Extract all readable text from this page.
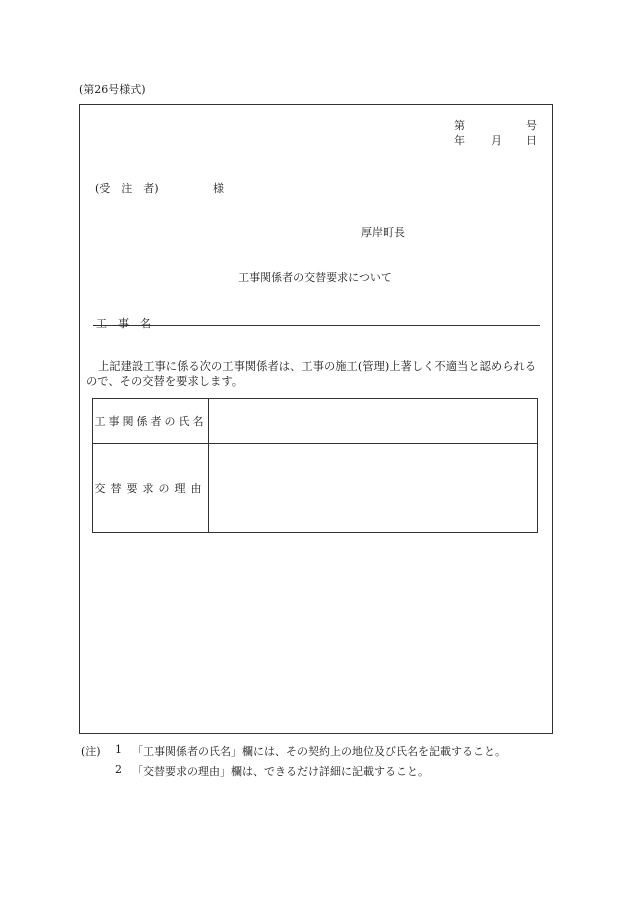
(第26号様式)
第	号
年 月 日
(受　注　者)	様
厚岸町長
工事関係者の交替要求について
工　事　名
上記建設工事に係る次の工事関係者は、工事の施工(管理)上著しく不適当と認められるので、その交替を要求します。
工事関係者の氏名	
交替要求の理由	
(注) 1 「工事関係者の氏名」欄には、その契約上の地位及び氏名を記載すること。
2 「交替要求の理由」欄は、できるだけ詳細に記載すること。
